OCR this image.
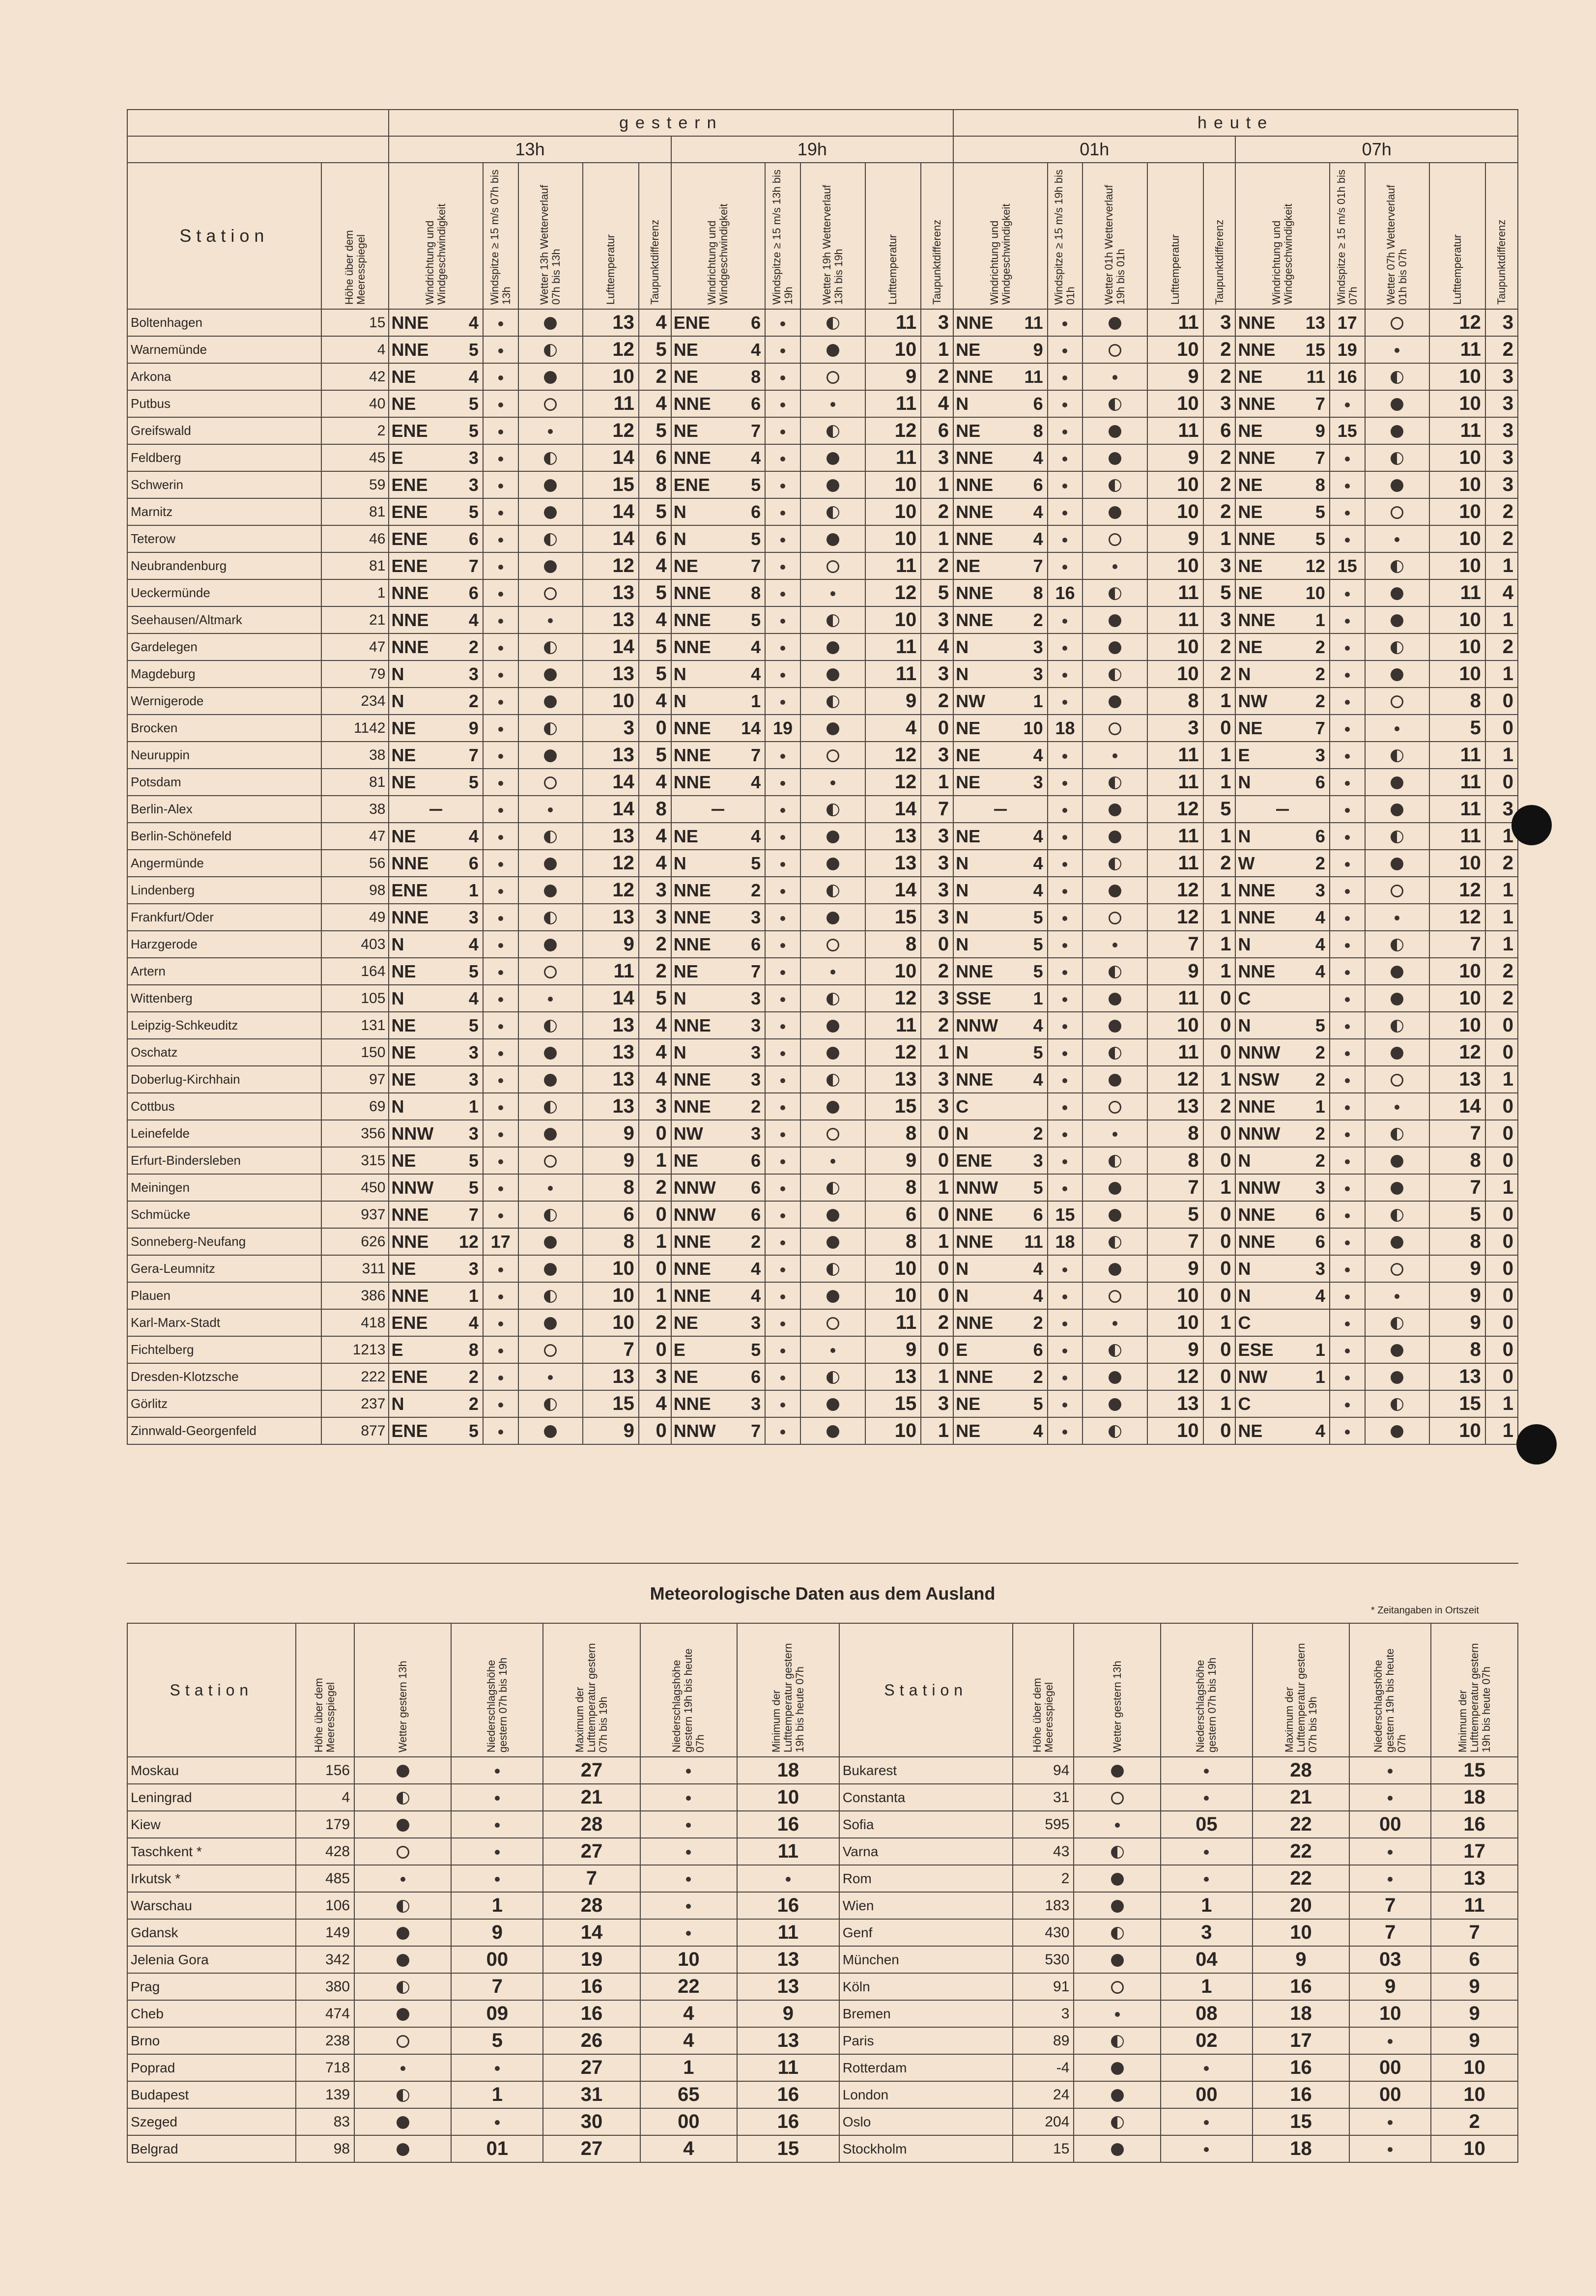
		gestern										heute									
		13h					19h					01h					07h				
Station	Höhe über dem Meeresspiegel	Windrichtung und Windgeschwindigkeit	Windspitze ≥ 15 m/s 07h bis 13h	Wetter 13h Wetterverlauf 07h bis 13h	Lufttemperatur	Taupunktdifferenz	Windrichtung und Windgeschwindigkeit	Windspitze ≥ 15 m/s 13h bis 19h	Wetter 19h Wetterverlauf 13h bis 19h	Lufttemperatur	Taupunktdifferenz	Windrichtung und Windgeschwindigkeit	Windspitze ≥ 15 m/s 19h bis 01h	Wetter 01h Wetterverlauf 19h bis 01h	Lufttemperatur	Taupunktdifferenz	Windrichtung und Windgeschwindigkeit	Windspitze ≥ 15 m/s 01h bis 07h	Wetter 07h Wetterverlauf 01h bis 07h	Lufttemperatur	Taupunktdifferenz

Boltenhagen	15	NNE 4			13	4	ENE 6			11	3	NNE 11			11	3	NNE 13	17		12	3
Warnemünde	4	NNE 5			12	5	NE 4			10	1	NE 9			10	2	NNE 15	19		11	2
Arkona	42	NE 4			10	2	NE 8			9	2	NNE 11			9	2	NE 11	16		10	3
Putbus	40	NE 5			11	4	NNE 6			11	4	N 6			10	3	NNE 7			10	3
Greifswald	2	ENE 5			12	5	NE 7			12	6	NE 8			11	6	NE 9	15		11	3
Feldberg	45	E 3			14	6	NNE 4			11	3	NNE 4			9	2	NNE 7			10	3
Schwerin	59	ENE 3			15	8	ENE 5			10	1	NNE 6			10	2	NE 8			10	3
Marnitz	81	ENE 5			14	5	N 6			10	2	NNE 4			10	2	NE 5			10	2
Teterow	46	ENE 6			14	6	N 5			10	1	NNE 4			9	1	NNE 5			10	2
Neubrandenburg	81	ENE 7			12	4	NE 7			11	2	NE 7			10	3	NE 12	15		10	1
Ueckermünde	1	NNE 6			13	5	NNE 8			12	5	NNE 8	16		11	5	NE 10			11	4
Seehausen/Altmark	21	NNE 4			13	4	NNE 5			10	3	NNE 2			11	3	NNE 1			10	1
Gardelegen	47	NNE 2			14	5	NNE 4			11	4	N 3			10	2	NE 2			10	2
Magdeburg	79	N 3			13	5	N 4			11	3	N 3			10	2	N 2			10	1
Wernigerode	234	N 2			10	4	N 1			9	2	NW 1			8	1	NW 2			8	0
Brocken	1142	NE 9			3	0	NNE 14	19		4	0	NE 10	18		3	0	NE 7			5	0
Neuruppin	38	NE 7			13	5	NNE 7			12	3	NE 4			11	1	E 3			11	1
Potsdam	81	NE 5			14	4	NNE 4			12	1	NE 3			11	1	N 6			11	0
Berlin-Alex	38				14	8				14	7				12	5				11	3
Berlin-Schönefeld	47	NE 4			13	4	NE 4			13	3	NE 4			11	1	N 6			11	1
Angermünde	56	NNE 6			12	4	N 5			13	3	N 4			11	2	W 2			10	2
Lindenberg	98	ENE 1			12	3	NNE 2			14	3	N 4			12	1	NNE 3			12	1
Frankfurt/Oder	49	NNE 3			13	3	NNE 3			15	3	N 5			12	1	NNE 4			12	1
Harzgerode	403	N 4			9	2	NNE 6			8	0	N 5			7	1	N 4			7	1
Artern	164	NE 5			11	2	NE 7			10	2	NNE 5			9	1	NNE 4			10	2
Wittenberg	105	N 4			14	5	N 3			12	3	SSE 1			11	0	C			10	2
Leipzig-Schkeuditz	131	NE 5			13	4	NNE 3			11	2	NNW 4			10	0	N 5			10	0
Oschatz	150	NE 3			13	4	N 3			12	1	N 5			11	0	NNW 2			12	0
Doberlug-Kirchhain	97	NE 3			13	4	NNE 3			13	3	NNE 4			12	1	NSW 2			13	1
Cottbus	69	N 1			13	3	NNE 2			15	3	C			13	2	NNE 1			14	0
Leinefelde	356	NNW 3			9	0	NW 3			8	0	N 2			8	0	NNW 2			7	0
Erfurt-Bindersleben	315	NE 5			9	1	NE 6			9	0	ENE 3			8	0	N 2			8	0
Meiningen	450	NNW 5			8	2	NNW 6			8	1	NNW 5			7	1	NNW 3			7	1
Schmücke	937	NNE 7			6	0	NNW 6			6	0	NNE 6	15		5	0	NNE 6			5	0
Sonneberg-Neufang	626	NNE 12	17		8	1	NNE 2			8	1	NNE 11	18		7	0	NNE 6			8	0
Gera-Leumnitz	311	NE 3			10	0	NNE 4			10	0	N 4			9	0	N 3			9	0
Plauen	386	NNE 1			10	1	NNE 4			10	0	N 4			10	0	N 4			9	0
Karl-Marx-Stadt	418	ENE 4			10	2	NE 3			11	2	NNE 2			10	1	C			9	0
Fichtelberg	1213	E 8			7	0	E 5			9	0	E 6			9	0	ESE 1			8	0
Dresden-Klotzsche	222	ENE 2			13	3	NE 6			13	1	NNE 2			12	0	NW 1			13	0
Görlitz	237	N 2			15	4	NNE 3			15	3	NE 5			13	1	C			15	1
Zinnwald-Georgenfeld	877	ENE 5			9	0	NNW 7			10	1	NE 4			10	0	NE 4			10	1
Meteorologische Daten aus dem Ausland
* Zeitangaben in Ortszeit
Station	Höhe über dem Meeresspiegel	Wetter gestern 13h	Niederschlagshöhe gestern 07h bis 19h	Maximum der Lufttemperatur gestern 07h bis 19h	Niederschlagshöhe gestern 19h bis heute 07h	Minimum der Lufttemperatur gestern 19h bis heute 07h	Station	Höhe über dem Meeresspiegel	Wetter gestern 13h	Niederschlagshöhe gestern 07h bis 19h	Maximum der Lufttemperatur gestern 07h bis 19h	Niederschlagshöhe gestern 19h bis heute 07h	Minimum der Lufttemperatur gestern 19h bis heute 07h

Moskau	156			27		18	Bukarest	94			28		15
Leningrad	4			21		10	Constanta	31			21		18
Kiew	179			28		16	Sofia	595		05	22	00	16
Taschkent *	428			27		11	Varna	43			22		17
Irkutsk *	485			7			Rom	2			22		13
Warschau	106		1	28		16	Wien	183		1	20	7	11
Gdansk	149		9	14		11	Genf	430		3	10	7	7
Jelenia Gora	342		00	19	10	13	München	530		04	9	03	6
Prag	380		7	16	22	13	Köln	91		1	16	9	9
Cheb	474		09	16	4	9	Bremen	3		08	18	10	9
Brno	238		5	26	4	13	Paris	89		02	17		9
Poprad	718			27	1	11	Rotterdam	-4			16	00	10
Budapest	139		1	31	65	16	London	24		00	16	00	10
Szeged	83			30	00	16	Oslo	204			15		2
Belgrad	98		01	27	4	15	Stockholm	15			18		10
